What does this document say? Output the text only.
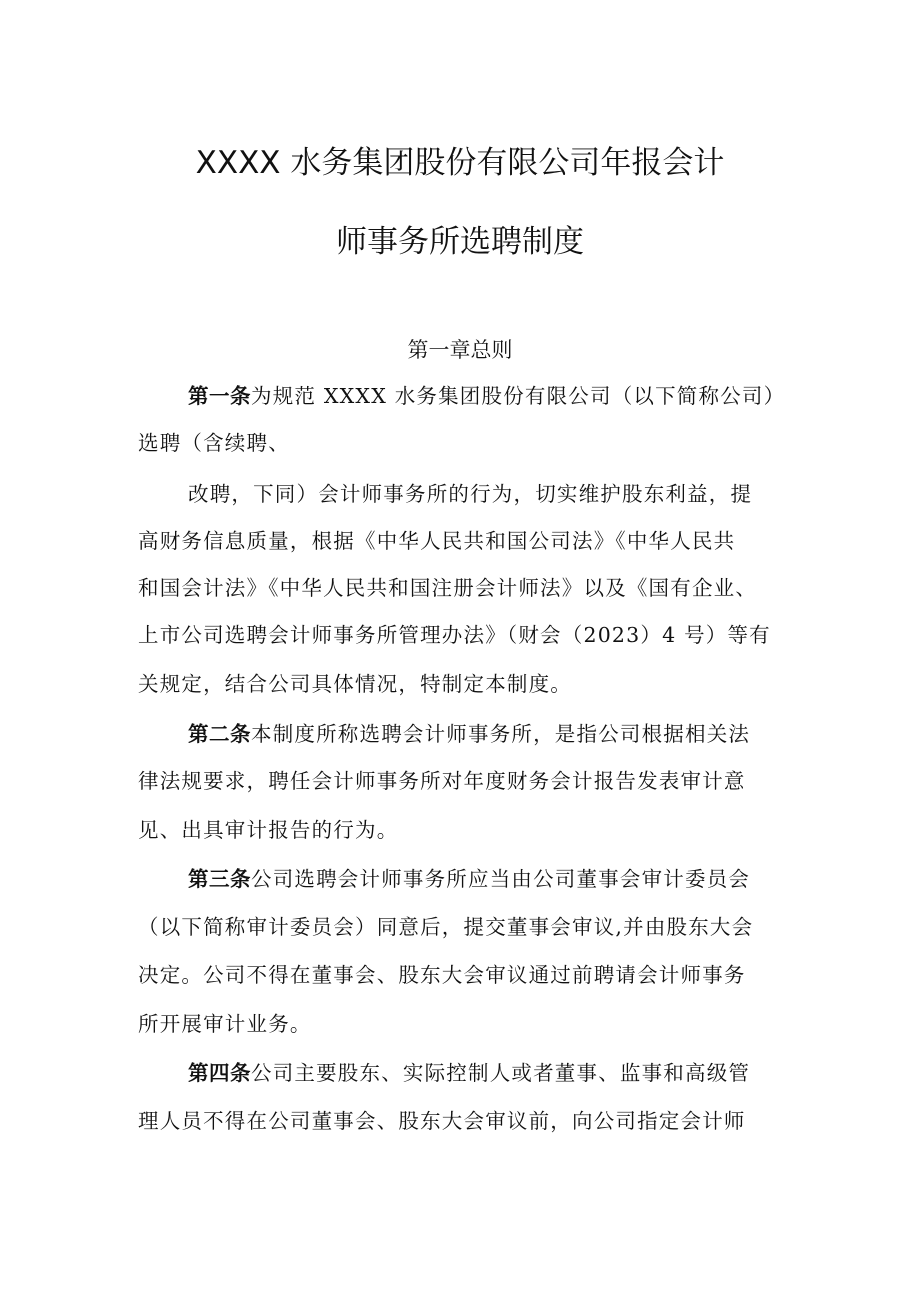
XXXX 水务集团股份有限公司年报会计
师事务所选聘制度
第一章总则
第一条为规范 XXXX 水务集团股份有限公司（以下简称公司）
选聘（含续聘、
改聘，下同）会计师事务所的行为，切实维护股东利益，提
高财务信息质量，根据《中华人民共和国公司法》《中华人民共
和国会计法》《中华人民共和国注册会计师法》以及《国有企业、
上市公司选聘会计师事务所管理办法》（财会（2023）4 号）等有
关规定，结合公司具体情况，特制定本制度。
第二条本制度所称选聘会计师事务所，是指公司根据相关法
律法规要求，聘任会计师事务所对年度财务会计报告发表审计意
见、出具审计报告的行为。
第三条公司选聘会计师事务所应当由公司董事会审计委员会
（以下简称审计委员会）同意后，提交董事会审议,并由股东大会
决定。公司不得在董事会、股东大会审议通过前聘请会计师事务
所开展审计业务。
第四条公司主要股东、实际控制人或者董事、监事和高级管
理人员不得在公司董事会、股东大会审议前，向公司指定会计师
